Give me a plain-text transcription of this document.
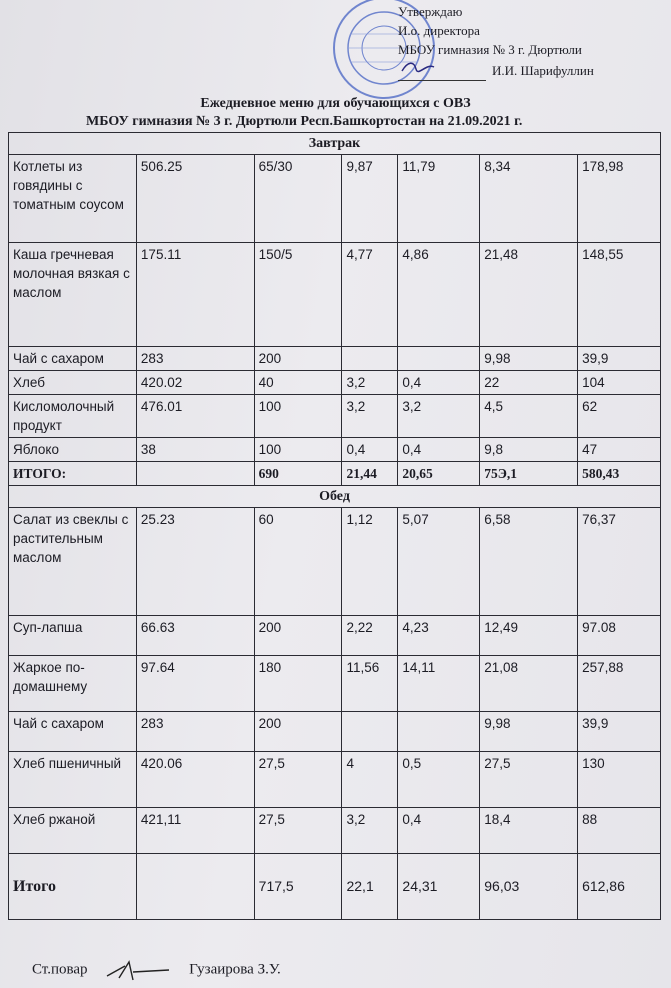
Утверждаю
И.о. директора
МБОУ гимназия № 3 г. Дюртюли
И.И. Шарифуллин
Ежедневное меню для обучающихся с ОВЗ
МБОУ гимназия № 3 г. Дюртюли Респ.Башкортостан на 21.09.2021 г.
Завтрак						
Котлеты из говядины с томатным соусом	506.25	65/30	9,87	11,79	8,34	178,98
Каша гречневая молочная вязкая с маслом	175.11	150/5	4,77	4,86	21,48	148,55
Чай с сахаром	283	200			9,98	39,9
Хлеб	420.02	40	3,2	0,4	22	104
Кисломолочный продукт	476.01	100	3,2	3,2	4,5	62
Яблоко	38	100	0,4	0,4	9,8	47
ИТОГО:		690	21,44	20,65	75Э,1	580,43
Обед						
Салат из свеклы с растительным маслом	25.23	60	1,12	5,07	6,58	76,37
Суп-лапша	66.63	200	2,22	4,23	12,49	97.08
Жаркое по-домашнему	97.64	180	11,56	14,11	21,08	257,88
Чай с сахаром	283	200			9,98	39,9
Хлеб пшеничный	420.06	27,5	4	0,5	27,5	130
Хлеб ржаной	421,11	27,5	3,2	0,4	18,4	88
Итого		717,5	22,1	24,31	96,03	612,86
Ст.повар	Гузаирова З.У.
